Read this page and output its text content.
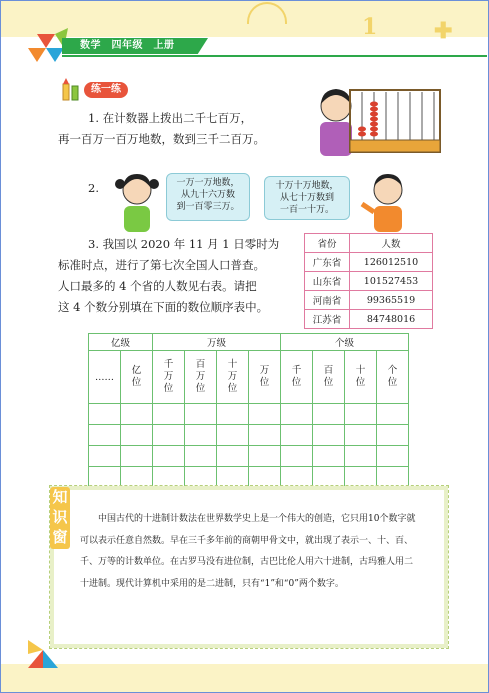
1	✚
数学　四年级　上册
练一练
1. 在计数器上拨出二千七百万，
再一百万一百万地数，数到三千二百万。
2.	一万一万地数，
从九十六万数
到一百零三万。
十万十万地数，
从七十万数到
一百一十万。
3. 我国以 2020 年 11 月 1 日零时为
标准时点，进行了第七次全国人口普查。
人口最多的 4 个省的人数见右表。请把
这 4 个数分别填在下面的数位顺序表中。
省份	人数
广东省	126012510
山东省	101527453
河南省	99365519
江苏省	84748016
亿级		万级				个级			
……	亿位	千万位	百万位	十万位	万位	千位	百位	十位	个位

知识窗
中国古代的十进制计数法在世界数学史上是一个伟大的创造，它只用10个数字就可以表示任意自然数。早在三千多年前的商朝甲骨文中，就出现了表示一、十、百、千、万等的计数单位。在古罗马没有进位制，古巴比伦人用六十进制，古玛雅人用二十进制。现代计算机中采用的是二进制，只有“1”和“0”两个数字。
